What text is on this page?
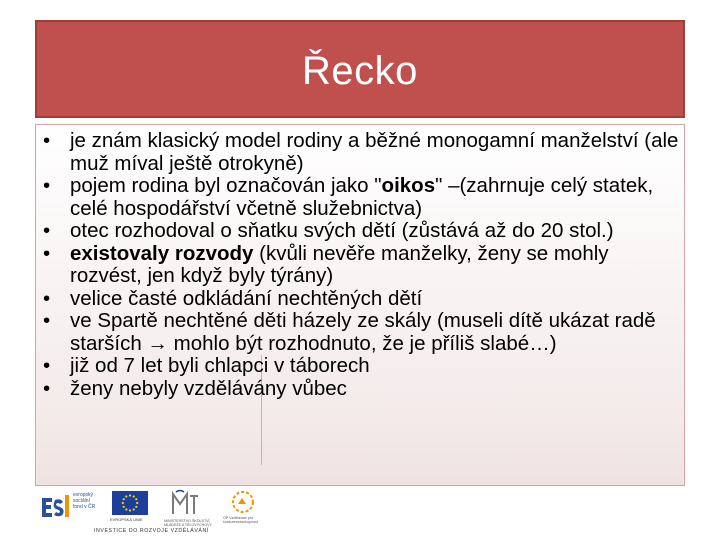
Řecko
• je znám klasický model rodiny a běžné monogamní manželství (ale muž míval ještě otrokyně)
• pojem rodina byl označován jako "oikos" –(zahrnuje celý statek, celé hospodářství včetně služebnictva)
• otec rozhodoval o sňatku svých dětí (zůstává až do 20 stol.)
• existovaly rozvody (kvůli nevěře manželky, ženy se mohly rozvést, jen když byly týrány)
• velice časté odkládání nechtěných dětí
• ve Spartě nechtěné děti házely ze skály (museli dítě ukázat radě starších → mohlo být rozhodnuto, že je příliš slabé…)
• již od 7 let byli chlapci v táborech
• ženy nebyly vzdělávány vůbec
evropský
sociální
fond v ČR
EVROPSKÁ UNIE	MINISTERSTVO ŠKOLSTVÍ, MLÁDEŽE A TĚLOVÝCHOVY
OP Vzdělávání pro konkurenceschopnost
INVESTICE DO ROZVOJE VZDĚLÁVÁNÍ
